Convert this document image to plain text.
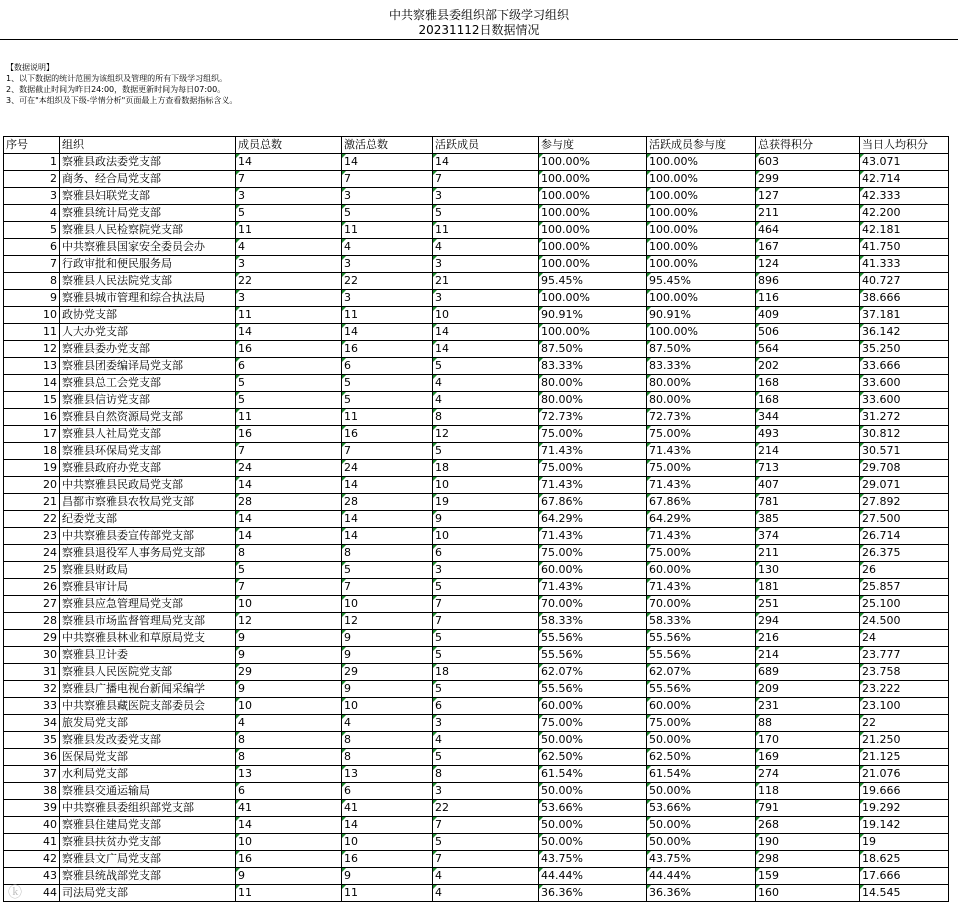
中共察雅县委组织部下级学习组织
20231112日数据情况
【数据说明】
1、以下数据的统计范围为该组织及管理的所有下级学习组织。
2、数据截止时间为昨日24:00，数据更新时间为每日07:00。
3、可在"本组织及下级-学情分析"页面最上方查看数据指标含义。
序号	组织	成员总数	激活总数	活跃成员	参与度	活跃成员参与度	总获得积分	当日人均积分
1	察雅县政法委党支部	14	14	14	100.00%	100.00%	603	43.071
2	商务、经合局党支部	7	7	7	100.00%	100.00%	299	42.714
3	察雅县妇联党支部	3	3	3	100.00%	100.00%	127	42.333
4	察雅县统计局党支部	5	5	5	100.00%	100.00%	211	42.200
5	察雅县人民检察院党支部	11	11	11	100.00%	100.00%	464	42.181
6	中共察雅县国家安全委员会办	4	4	4	100.00%	100.00%	167	41.750
7	行政审批和便民服务局	3	3	3	100.00%	100.00%	124	41.333
8	察雅县人民法院党支部	22	22	21	95.45%	95.45%	896	40.727
9	察雅县城市管理和综合执法局	3	3	3	100.00%	100.00%	116	38.666
10	政协党支部	11	11	10	90.91%	90.91%	409	37.181
11	人大办党支部	14	14	14	100.00%	100.00%	506	36.142
12	察雅县委办党支部	16	16	14	87.50%	87.50%	564	35.250
13	察雅县团委编译局党支部	6	6	5	83.33%	83.33%	202	33.666
14	察雅县总工会党支部	5	5	4	80.00%	80.00%	168	33.600
15	察雅县信访党支部	5	5	4	80.00%	80.00%	168	33.600
16	察雅县自然资源局党支部	11	11	8	72.73%	72.73%	344	31.272
17	察雅县人社局党支部	16	16	12	75.00%	75.00%	493	30.812
18	察雅县环保局党支部	7	7	5	71.43%	71.43%	214	30.571
19	察雅县政府办党支部	24	24	18	75.00%	75.00%	713	29.708
20	中共察雅县民政局党支部	14	14	10	71.43%	71.43%	407	29.071
21	昌都市察雅县农牧局党支部	28	28	19	67.86%	67.86%	781	27.892
22	纪委党支部	14	14	9	64.29%	64.29%	385	27.500
23	中共察雅县委宣传部党支部	14	14	10	71.43%	71.43%	374	26.714
24	察雅县退役军人事务局党支部	8	8	6	75.00%	75.00%	211	26.375
25	察雅县财政局	5	5	3	60.00%	60.00%	130	26
26	察雅县审计局	7	7	5	71.43%	71.43%	181	25.857
27	察雅县应急管理局党支部	10	10	7	70.00%	70.00%	251	25.100
28	察雅县市场监督管理局党支部	12	12	7	58.33%	58.33%	294	24.500
29	中共察雅县林业和草原局党支	9	9	5	55.56%	55.56%	216	24
30	察雅县卫计委	9	9	5	55.56%	55.56%	214	23.777
31	察雅县人民医院党支部	29	29	18	62.07%	62.07%	689	23.758
32	察雅县广播电视台新闻采编学	9	9	5	55.56%	55.56%	209	23.222
33	中共察雅县藏医院支部委员会	10	10	6	60.00%	60.00%	231	23.100
34	旅发局党支部	4	4	3	75.00%	75.00%	88	22
35	察雅县发改委党支部	8	8	4	50.00%	50.00%	170	21.250
36	医保局党支部	8	8	5	62.50%	62.50%	169	21.125
37	水利局党支部	13	13	8	61.54%	61.54%	274	21.076
38	察雅县交通运输局	6	6	3	50.00%	50.00%	118	19.666
39	中共察雅县委组织部党支部	41	41	22	53.66%	53.66%	791	19.292
40	察雅县住建局党支部	14	14	7	50.00%	50.00%	268	19.142
41	察雅县扶贫办党支部	10	10	5	50.00%	50.00%	190	19
42	察雅县文广局党支部	16	16	7	43.75%	43.75%	298	18.625
43	察雅县统战部党支部	9	9	4	44.44%	44.44%	159	17.666
44	司法局党支部	11	11	4	36.36%	36.36%	160	14.545
ⓚ
